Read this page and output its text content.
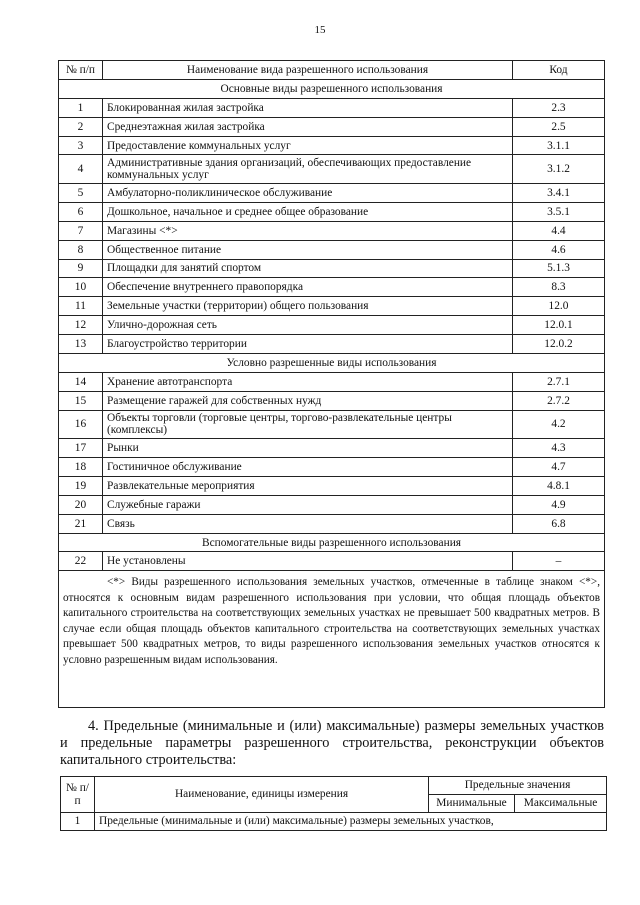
15
№ п/п	Наименование вида разрешенного использования	Код
Основные виды разрешенного использования		
1	Блокированная жилая застройка	2.3
2	Среднеэтажная жилая застройка	2.5
3	Предоставление коммунальных услуг	3.1.1
4	Административные здания организаций, обеспечивающих предоставление коммунальных услуг	3.1.2
5	Амбулаторно-поликлиническое обслуживание	3.4.1
6	Дошкольное, начальное и среднее общее образование	3.5.1
7	Магазины <*>	4.4
8	Общественное питание	4.6
9	Площадки для занятий спортом	5.1.3
10	Обеспечение внутреннего правопорядка	8.3
11	Земельные участки (территории) общего пользования	12.0
12	Улично-дорожная сеть	12.0.1
13	Благоустройство территории	12.0.2
Условно разрешенные виды использования		
14	Хранение автотранспорта	2.7.1
15	Размещение гаражей для собственных нужд	2.7.2
16	Объекты торговли (торговые центры, торгово-развлекательные центры (комплексы)	4.2
17	Рынки	4.3
18	Гостиничное обслуживание	4.7
19	Развлекательные мероприятия	4.8.1
20	Служебные гаражи	4.9
21	Связь	6.8
Вспомогательные виды разрешенного использования		
22	Не установлены	–

<*> Виды разрешенного использования земельных участков, отмеченные в таблице знаком <*>, относятся к основным видам разрешенного использования при условии, что общая площадь объектов капитального строительства на соответствующих земельных участках не превышает 500 квадратных метров. В случае если общая площадь объектов капитального строительства на соответствующих земельных участках превышает 500 квадратных метров, то виды разрешенного использования земельных участков относятся к условно разрешенным видам использования.		
4. Предельные (минимальные и (или) максимальные) размеры земельных участков и предельные параметры разрешенного строительства, реконструкции объектов капитального строительства:
№ п/п	Наименование, единицы измерения	Предельные значения	
		Минимальные	Максимальные
1	Предельные (минимальные и (или) максимальные) размеры земельных участков,		
